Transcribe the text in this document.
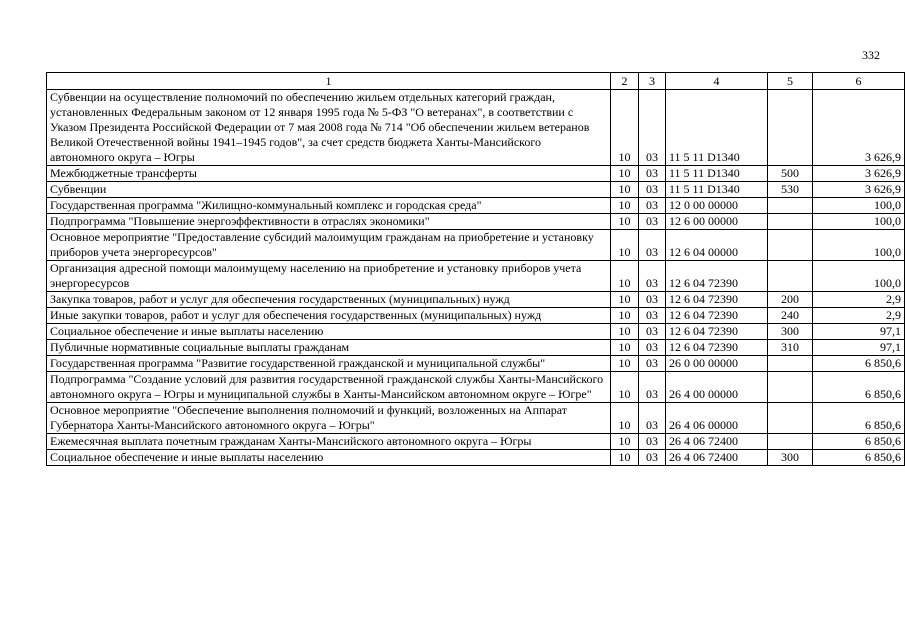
332
1	2	3	4	5	6
Субвенции на осуществление полномочий по обеспечению жильем отдельных категорий граждан, установленных Федеральным законом от 12 января 1995 года № 5-ФЗ "О ветеранах", в соответствии с Указом Президента Российской Федерации от 7 мая 2008 года № 714 "Об обеспечении жильем ветеранов Великой Отечественной войны 1941–1945 годов", за счет средств бюджета Ханты-Мансийского автономного округа – Югры	10	03	11 5 11 D1340		3 626,9
Межбюджетные трансферты	10	03	11 5 11 D1340	500	3 626,9
Субвенции	10	03	11 5 11 D1340	530	3 626,9
Государственная программа "Жилищно-коммунальный комплекс и городская среда"	10	03	12 0 00 00000		100,0
Подпрограмма "Повышение энергоэффективности в отраслях экономики"	10	03	12 6 00 00000		100,0
Основное мероприятие "Предоставление субсидий малоимущим гражданам на приобретение и установку приборов учета энергоресурсов"	10	03	12 6 04 00000		100,0
Организация адресной помощи малоимущему населению на приобретение и установку приборов учета энергоресурсов	10	03	12 6 04 72390		100,0
Закупка товаров, работ и услуг для обеспечения государственных (муниципальных) нужд	10	03	12 6 04 72390	200	2,9
Иные закупки товаров, работ и услуг для обеспечения государственных (муниципальных) нужд	10	03	12 6 04 72390	240	2,9
Социальное обеспечение и иные выплаты населению	10	03	12 6 04 72390	300	97,1
Публичные нормативные социальные выплаты гражданам	10	03	12 6 04 72390	310	97,1
Государственная программа "Развитие государственной гражданской и муниципальной службы"	10	03	26 0 00 00000		6 850,6
Подпрограмма "Создание условий для развития государственной гражданской службы Ханты-Мансийского автономного округа – Югры и муниципальной службы в Ханты-Мансийском автономном округе – Югре"	10	03	26 4 00 00000		6 850,6
Основное мероприятие "Обеспечение выполнения полномочий и функций, возложенных на Аппарат Губернатора Ханты-Мансийского автономного округа – Югры"	10	03	26 4 06 00000		6 850,6
Ежемесячная выплата почетным гражданам Ханты-Мансийского автономного округа – Югры	10	03	26 4 06 72400		6 850,6
Социальное обеспечение и иные выплаты населению	10	03	26 4 06 72400	300	6 850,6
